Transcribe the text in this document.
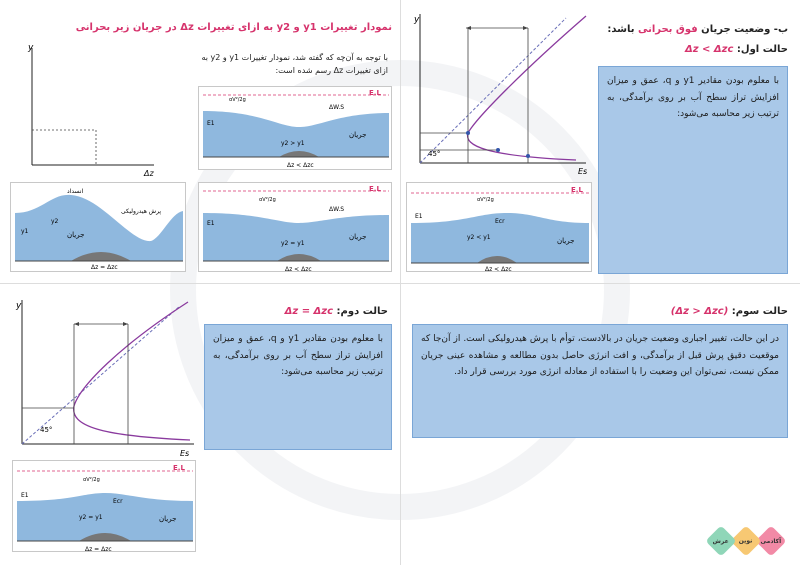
ب- وضعیت جریان فوق بحرانی باشد:
حالت اول: Δz < Δzc
با معلوم بودن مقادیر y1 و q، عمق و میزان افزایش تراز سطح آب بر روی برآمدگی، به ترتیب زیر محاسبه می‌شود:
y
Es
45°
E.L
جریان
E1
Ecr
y2 < y1
αV²/2g
Δz < Δzc
نمودار تغییرات y1 و y2 به ازای تغییرات Δz در جریان زیر بحرانی
با توجه به آن‌چه که گفته شد، نمودار تغییرات y1 و y2 به ازای تغییرات Δz رسم شده است:
y
Δz
E.L
جریان
E1
y2 > y1
αV²/2g
ΔW.S
Δz < Δzc
E.L
جریان
E1
y2 = y1
αV²/2g
ΔW.S
Δz < Δzc
انسداد
پرش هیدرولیکی
جریان
y1
y2
Δz = Δzc
حالت دوم: Δz = Δzc
با معلوم بودن مقادیر y1 و q، عمق و میزان افزایش تراز سطح آب بر روی برآمدگی، به ترتیب زیر محاسبه می‌شود:
y
Es
45°
E.L
جریان
E1
Ecr
y2 = y1
αV²/2g
Δz = Δzc
حالت سوم: (Δz > Δzc)
در این حالت، تغییر اجباری وضعیت جریان در بالادست، توأم با پرش هیدرولیکی است. از آن‌جا که موقعیت دقیق پرش قبل از برآمدگی، و افت انرژی حاصل بدون مطالعه و مشاهده عینی جریان ممکن نیست، نمی‌توان این وضعیت را با استفاده از معادله انرژی مورد بررسی قرار داد.
آکادمی
نوین
عرش
